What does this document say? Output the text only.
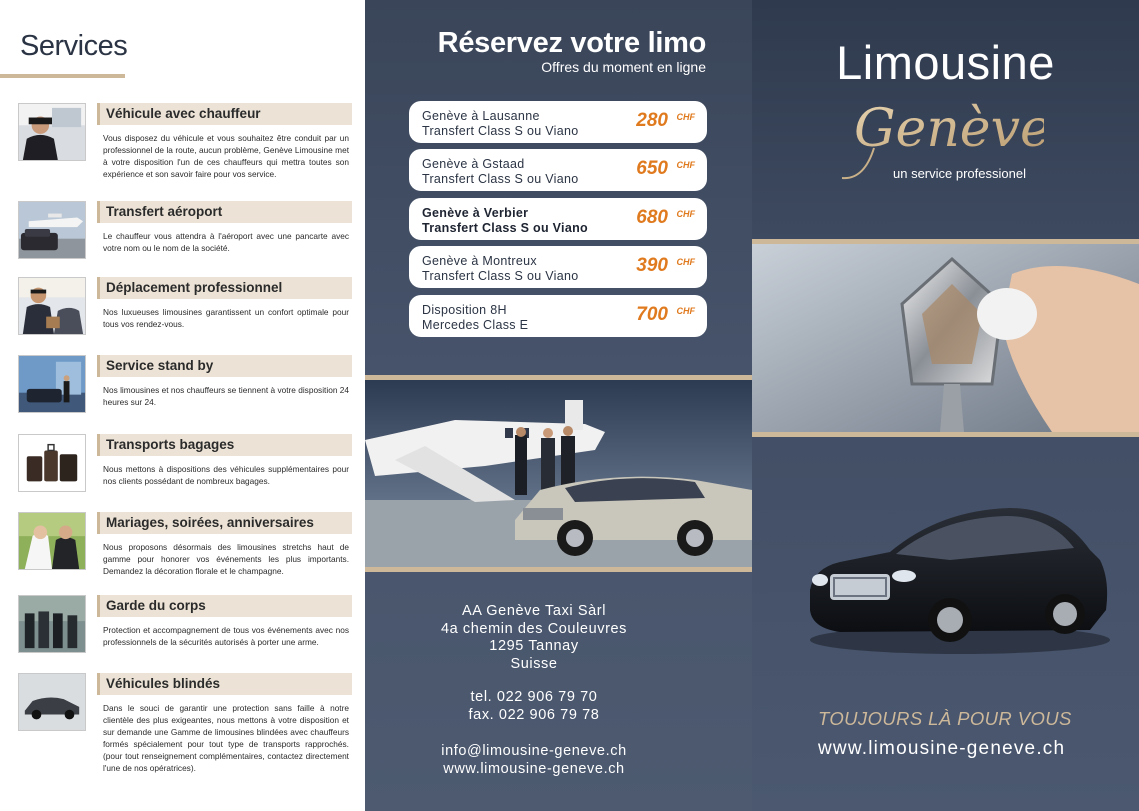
Services
Véhicule avec chauffeur
Vous disposez du véhicule et vous souhaitez être conduit par un professionnel de la route, aucun problème, Genève Limousine met à votre disposition l'un de ces chauffeurs qui mettra toutes son expérience et son savoir faire pour vos service.
Transfert aéroport
Le chauffeur vous attendra à l'aéroport avec une pancarte avec votre nom ou le nom de la société.
Déplacement professionnel
Nos luxueuses limousines garantissent un confort optimale pour tous vos rendez-vous.
Service stand by
Nos limousines et nos chauffeurs se tiennent à votre disposition 24 heures sur 24.
Transports bagages
Nous mettons à dispositions des véhicules supplémentaires pour nos clients possédant de nombreux bagages.
Mariages, soirées, anniversaires
Nous proposons désormais des limousines stretchs haut de gamme pour honorer vos événements les plus importants. Demandez la décoration florale et le champagne.
Garde du corps
Protection et accompagnement de tous vos événements avec nos professionnels de la sécurités autorisés à porter une arme.
Véhicules blindés
Dans le souci de garantir une protection sans faille à notre clientèle des plus exigeantes, nous mettons à votre disposition et sur demande une Gamme de limousines blindées avec chauffeurs formés spécialement pour tout type de transports rapprochés. (pour tout renseignement complémentaires, contactez directement l'une de nos opératrices).
Réservez votre limo
Offres du moment en ligne
Genève à Lausanne
Transfert Class S ou Viano	280 CHF
Genève à Gstaad
Transfert Class S ou Viano	650 CHF
Genève à Verbier
Transfert Class S ou Viano	680 CHF
Genève à Montreux
Transfert Class S ou Viano	390 CHF
Disposition 8H
Mercedes Class E	700 CHF
AA Genève Taxi Sàrl
4a chemin des Couleuvres
1295 Tannay
Suisse
tel. 022 906 79 70
fax. 022 906 79 78
info@limousine-geneve.ch
www.limousine-geneve.ch
Limousine
Genève
un service professionel
TOUJOURS LÀ POUR VOUS
www.limousine-geneve.ch
